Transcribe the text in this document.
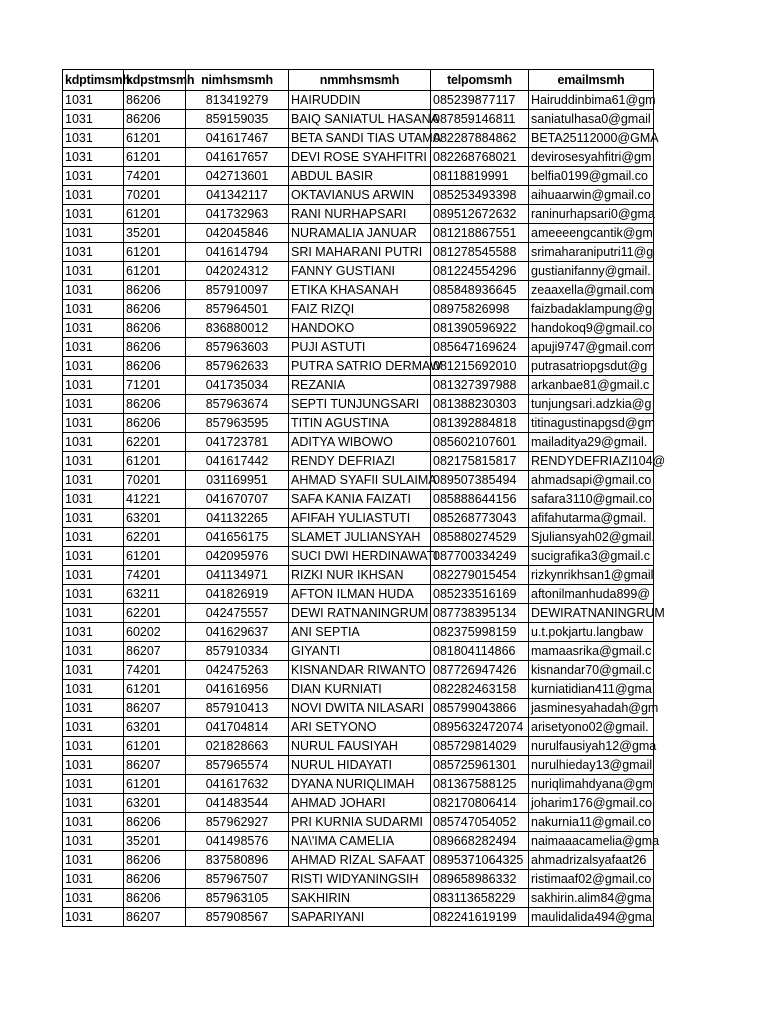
kdptimsmh	kdpstmsmh	nimhsmsmh	nmmhsmsmh	telpomsmh	emailmsmh
1031	86206	813419279	HAIRUDDIN	085239877117	Hairuddinbima61@gm
1031	86206	859159035	BAIQ SANIATUL HASANA	087859146811	saniatulhasa0@gmail
1031	61201	041617467	BETA SANDI TIAS UTAMA	082287884862	BETA25112000@GMA
1031	61201	041617657	DEVI ROSE SYAHFITRI	082268768021	devirosesyahfitri@gm
1031	74201	042713601	ABDUL BASIR	08118819991	belfia0199@gmail.co
1031	70201	041342117	OKTAVIANUS ARWIN	085253493398	aihuaarwin@gmail.co
1031	61201	041732963	RANI NURHAPSARI	089512672632	raninurhapsari0@gma
1031	35201	042045846	NURAMALIA JANUAR	081218867551	ameeeengcantik@gm
1031	61201	041614794	SRI MAHARANI PUTRI	081278545588	srimaharaniputri11@g
1031	61201	042024312	FANNY GUSTIANI	081224554296	gustianifanny@gmail.
1031	86206	857910097	ETIKA KHASANAH	085848936645	zeaaxella@gmail.com
1031	86206	857964501	FAIZ RIZQI	08975826998	faizbadaklampung@g
1031	86206	836880012	HANDOKO	081390596922	handokoq9@gmail.co
1031	86206	857963603	PUJI ASTUTI	085647169624	apuji9747@gmail.com
1031	86206	857962633	PUTRA SATRIO DERMAW	081215692010	putrasatriopgsdut@g
1031	71201	041735034	REZANIA	081327397988	arkanbae81@gmail.c
1031	86206	857963674	SEPTI TUNJUNGSARI	081388230303	tunjungsari.adzkia@g
1031	86206	857963595	TITIN AGUSTINA	081392884818	titinagustinapgsd@gm
1031	62201	041723781	ADITYA WIBOWO	085602107601	mailaditya29@gmail.
1031	61201	041617442	RENDY DEFRIAZI	082175815817	RENDYDEFRIAZI104@
1031	70201	031169951	AHMAD SYAFII SULAIMA	089507385494	ahmadsapi@gmail.co
1031	41221	041670707	SAFA KANIA FAIZATI	085888644156	safara3110@gmail.co
1031	63201	041132265	AFIFAH YULIASTUTI	085268773043	afifahutarma@gmail.
1031	62201	041656175	SLAMET JULIANSYAH	085880274529	Sjuliansyah02@gmail.
1031	61201	042095976	SUCI DWI HERDINAWATI	087700334249	sucigrafika3@gmail.c
1031	74201	041134971	RIZKI NUR IKHSAN	082279015454	rizkynrikhsan1@gmail
1031	63211	041826919	AFTON ILMAN HUDA	085233516169	aftonilmanhuda899@
1031	62201	042475557	DEWI RATNANINGRUM	087738395134	DEWIRATNANINGRUM
1031	60202	041629637	ANI SEPTIA	082375998159	u.t.pokjartu.langbaw
1031	86207	857910334	GIYANTI	081804114866	mamaasrika@gmail.c
1031	74201	042475263	KISNANDAR RIWANTO	087726947426	kisnandar70@gmail.c
1031	61201	041616956	DIAN KURNIATI	082282463158	kurniatidian411@gma
1031	86207	857910413	NOVI DWITA NILASARI	085799043866	jasminesyahadah@gm
1031	63201	041704814	ARI SETYONO	0895632472074	arisetyono02@gmail.
1031	61201	021828663	NURUL FAUSIYAH	085729814029	nurulfausiyah12@gma
1031	86207	857965574	NURUL HIDAYATI	085725961301	nurulhieday13@gmail
1031	61201	041617632	DYANA NURIQLIMAH	081367588125	nuriqlimahdyana@gm
1031	63201	041483544	AHMAD JOHARI	082170806414	joharim176@gmail.co
1031	86206	857962927	PRI KURNIA SUDARMI	085747054052	nakurnia11@gmail.co
1031	35201	041498576	NA\'IMA CAMELIA	089668282494	naimaaacamelia@gma
1031	86206	837580896	AHMAD RIZAL SAFAAT	0895371064325	ahmadrizalsyafaat26
1031	86206	857967507	RISTI WIDYANINGSIH	089658986332	ristimaaf02@gmail.co
1031	86206	857963105	SAKHIRIN	083113658229	sakhirin.alim84@gma
1031	86207	857908567	SAPARIYANI	082241619199	maulidalida494@gma
